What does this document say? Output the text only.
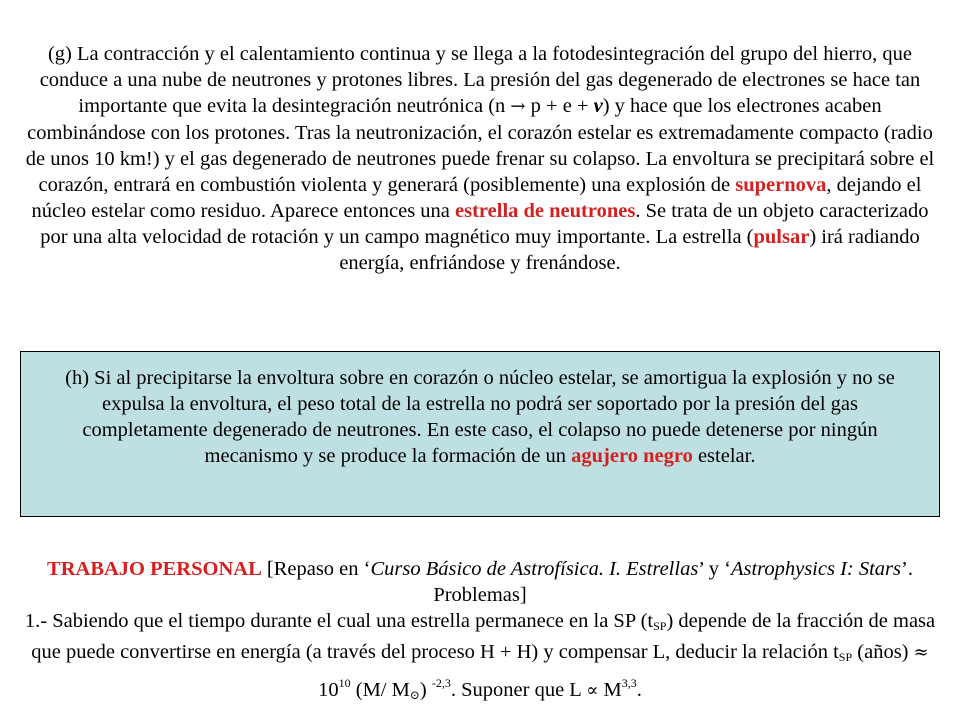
(g) La contracción y el calentamiento continua y se llega a la fotodesintegración del grupo del hierro, que conduce a una nube de neutrones y protones libres. La presión del gas degenerado de electrones se hace tan importante que evita la desintegración neutrónica (n → p + e + ν) y hace que los electrones acaben combinándose con los protones. Tras la neutronización, el corazón estelar es extremadamente compacto (radio de unos 10 km!) y el gas degenerado de neutrones puede frenar su colapso. La envoltura se precipitará sobre el corazón, entrará en combustión violenta y generará (posiblemente) una explosión de supernova, dejando el núcleo estelar como residuo. Aparece entonces una estrella de neutrones. Se trata de un objeto caracterizado por una alta velocidad de rotación y un campo magnético muy importante. La estrella (pulsar) irá radiando energía, enfriándose y frenándose.
(h) Si al precipitarse la envoltura sobre en corazón o núcleo estelar, se amortigua la explosión y no se expulsa la envoltura, el peso total de la estrella no podrá ser soportado por la presión del gas completamente degenerado de neutrones. En este caso, el colapso no puede detenerse por ningún mecanismo y se produce la formación de un agujero negro estelar.
TRABAJO PERSONAL [Repaso en ‘Curso Básico de Astrofísica. I. Estrellas’ y ‘Astrophysics I: Stars’. Problemas]
1.- Sabiendo que el tiempo durante el cual una estrella permanece en la SP $(t_{SP})$ depende de la fracción de masa que puede convertirse en energía (a través del proceso H + H) y compensar L, deducir la relación $t_{SP}$ (años) ≈ $10^{10}$ (M/ $M_⊙$) $^{-2,3}$. Suponer que L ∝ M$^{3,3}$.
